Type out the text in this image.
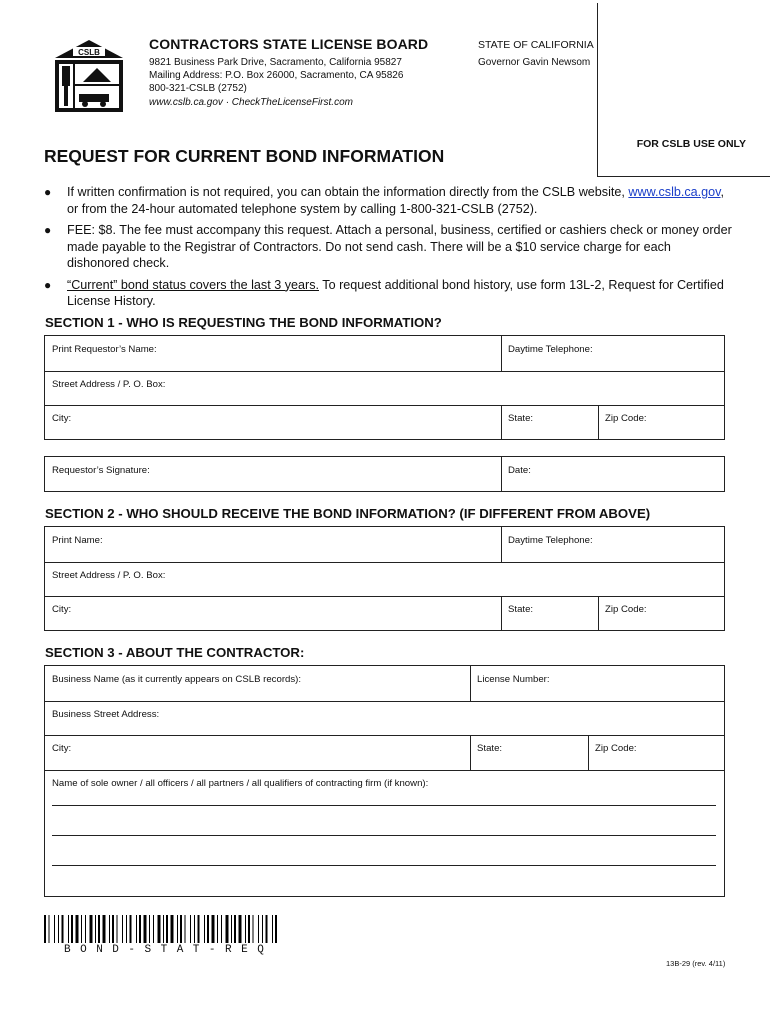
CSLB
CONTRACTORS STATE LICENSE BOARD
9821 Business Park Drive, Sacramento, California 95827
Mailing Address: P.O. Box 26000, Sacramento, CA 95826
800-321-CSLB (2752)
www.cslb.ca.gov · CheckTheLicenseFirst.com
STATE OF CALIFORNIA
Governor Gavin Newsom
FOR CSLB USE ONLY
REQUEST FOR CURRENT BOND INFORMATION
● If written confirmation is not required, you can obtain the information directly from the CSLB website, www.cslb.ca.gov, or from the 24-hour automated telephone system by calling 1-800-321-CSLB (2752).
● FEE: $8. The fee must accompany this request. Attach a personal, business, certified or cashiers check or money order made payable to the Registrar of Contractors. Do not send cash. There will be a $10 service charge for each dishonored check.
● “Current” bond status covers the last 3 years. To request additional bond history, use form 13L-2, Request for Certified License History.
SECTION 1 - WHO IS REQUESTING THE BOND INFORMATION?
Print Requestor’s Name:	Daytime Telephone:
Street Address / P. O. Box:
City:	State:	Zip Code:
Requestor’s Signature:	Date:
SECTION 2 - WHO SHOULD RECEIVE THE BOND INFORMATION? (IF DIFFERENT FROM ABOVE)
Print Name:	Daytime Telephone:
Street Address / P. O. Box:
City:	State:	Zip Code:
SECTION 3 - ABOUT THE CONTRACTOR:
Business Name (as it currently appears on CSLB records):	License Number:
Business Street Address:
City:	State:	Zip Code:
Name of sole owner / all officers / all partners / all qualifiers of contracting firm (if known):
BOND-STAT-REQ
13B-29 (rev. 4/11)
